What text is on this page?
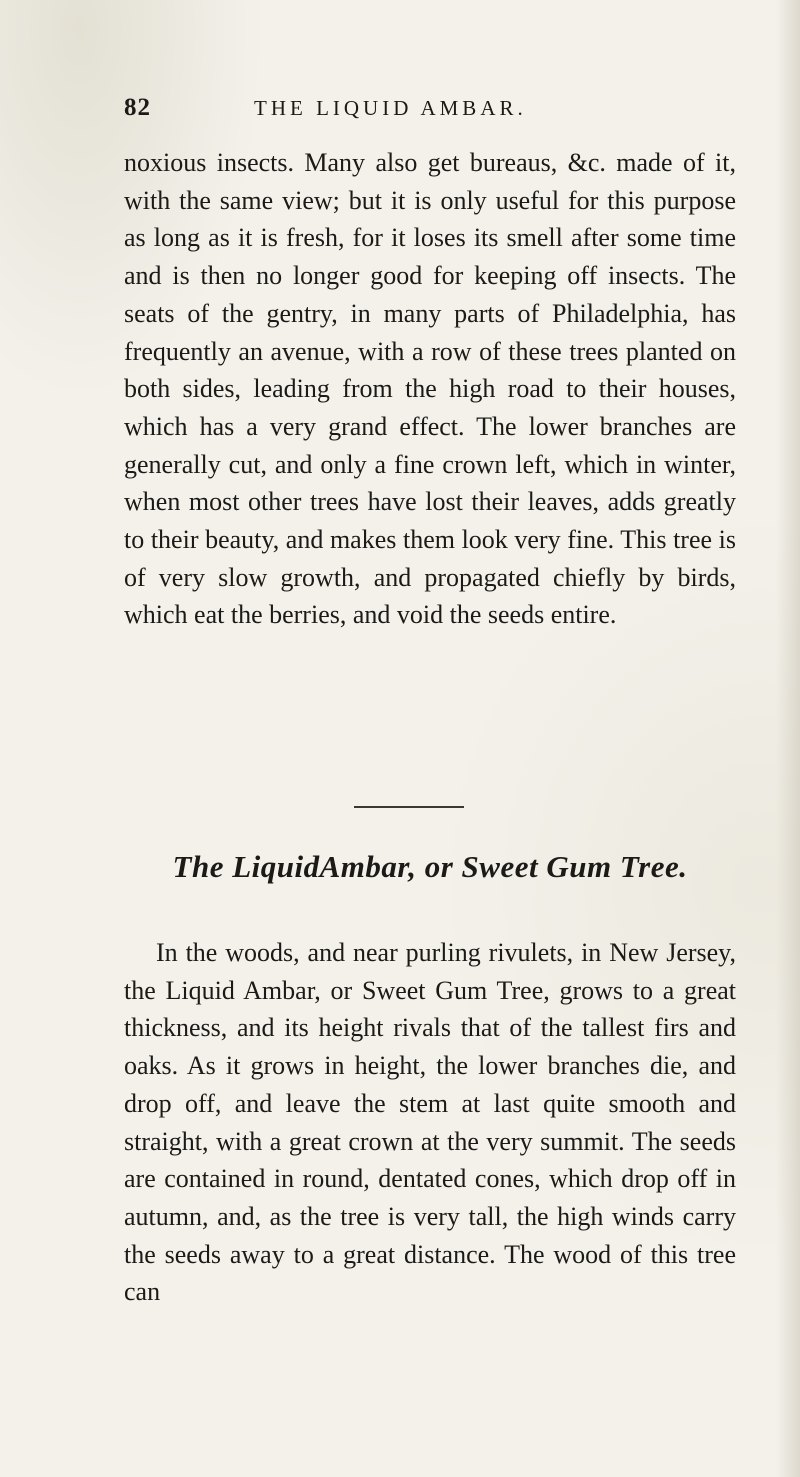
82	THE LIQUID AMBAR.

noxious insects. Many also get bureaus, &c. made of it, with the same view; but it is only useful for this purpose as long as it is fresh, for it loses its smell after some time and is then no longer good for keeping off insects. The seats of the gentry, in many parts of Philadelphia, has frequently an avenue, with a row of these trees planted on both sides, leading from the high road to their houses, which has a very grand effect. The lower branches are generally cut, and only a fine crown left, which in winter, when most other trees have lost their leaves, adds greatly to their beauty, and makes them look very fine. This tree is of very slow growth, and propagated chiefly by birds, which eat the berries, and void the seeds entire.

The LiquidAmbar, or Sweet Gum Tree.

In the woods, and near purling rivulets, in New Jersey, the Liquid Ambar, or Sweet Gum Tree, grows to a great thickness, and its height rivals that of the tallest firs and oaks. As it grows in height, the lower branches die, and drop off, and leave the stem at last quite smooth and straight, with a great crown at the very summit. The seeds are contained in round, dentated cones, which drop off in autumn, and, as the tree is very tall, the high winds carry the seeds away to a great distance. The wood of this tree can
